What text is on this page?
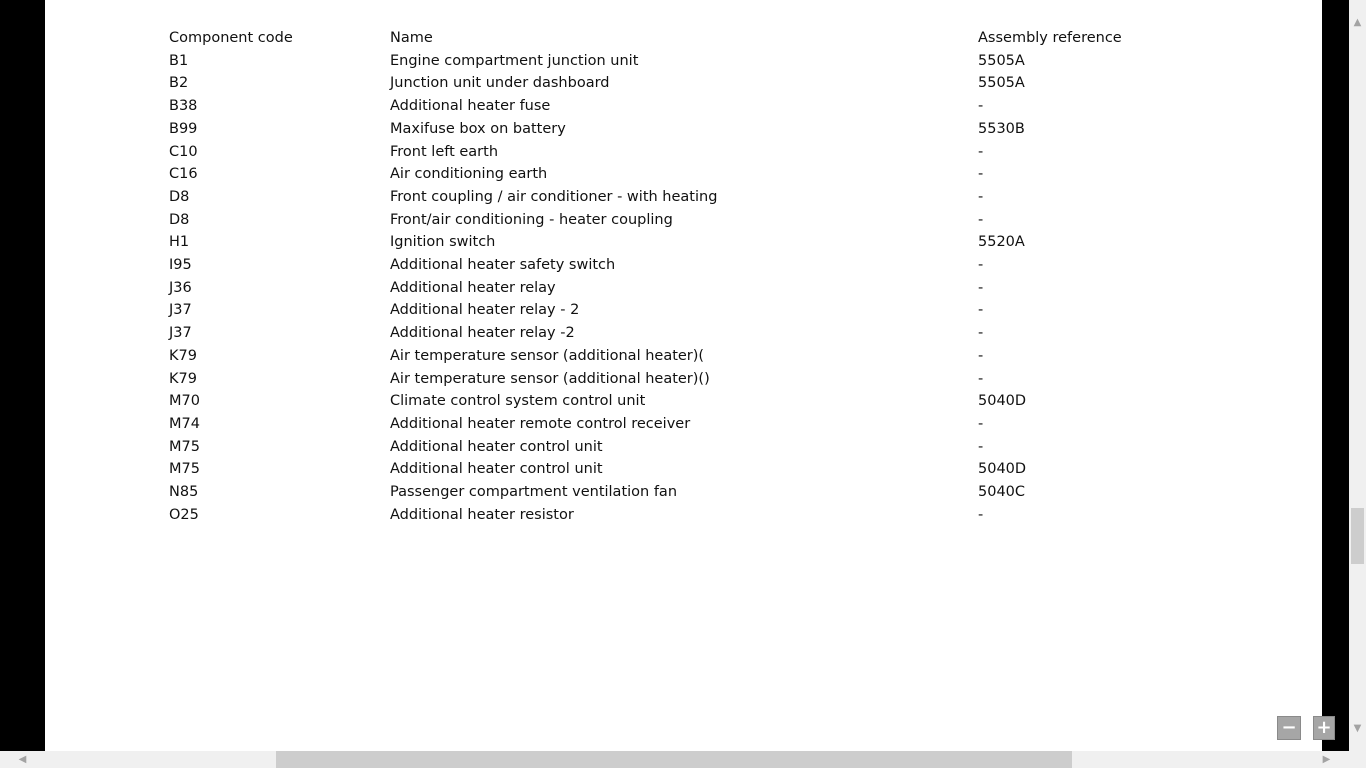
Component code	Name	Assembly reference
B1	Engine compartment junction unit	5505A
B2	Junction unit under dashboard	5505A
B38	Additional heater fuse	-
B99	Maxifuse box on battery	5530B
C10	Front left earth	-
C16	Air conditioning earth	-
D8	Front coupling / air conditioner - with heating	-
D8	Front/air conditioning - heater coupling	-
H1	Ignition switch	5520A
I95	Additional heater safety switch	-
J36	Additional heater relay	-
J37	Additional heater relay - 2	-
J37	Additional heater relay -2	-
K79	Air temperature sensor (additional heater)(	-
K79	Air temperature sensor (additional heater)()	-
M70	Climate control system control unit	5040D
M74	Additional heater remote control receiver	-
M75	Additional heater control unit	-
M75	Additional heater control unit	5040D
N85	Passenger compartment ventilation fan	5040C
O25	Additional heater resistor	-
− +
▲
▼
◀	▶
